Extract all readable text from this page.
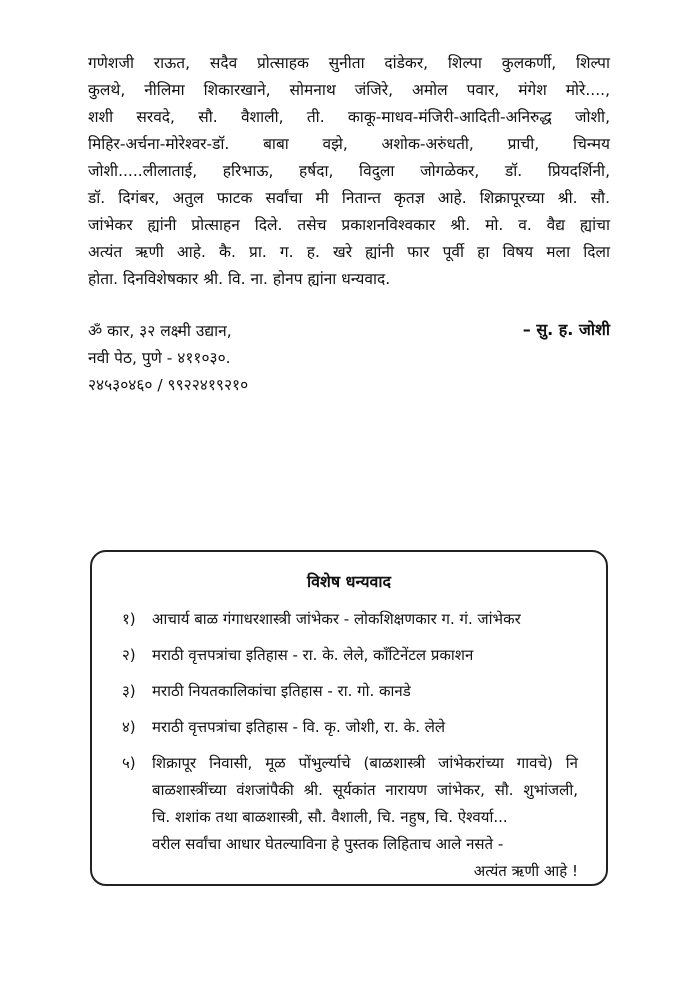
गणेशजी राऊत, सदैव प्रोत्साहक सुनीता दांडेकर, शिल्पा कुलकर्णी, शिल्पा
कुलथे, नीलिमा शिकारखाने, सोमनाथ जंजिरे, अमोल पवार, मंगेश मोरे....,
शशी सरवदे, सौ. वैशाली, ती. काकू-माधव-मंजिरी-आदिती-अनिरुद्ध जोशी,
मिहिर-अर्चना-मोरेश्वर-डॉ. बाबा वझे, अशोक-अरुंधती, प्राची, चिन्मय
जोशी.....लीलाताई, हरिभाऊ, हर्षदा, विदुला जोगळेकर, डॉ. प्रियदर्शिनी,
डॉ. दिगंबर, अतुल फाटक सर्वांचा मी नितान्त कृतज्ञ आहे. शिक्रापूरच्या श्री. सौ.
जांभेकर ह्यांनी प्रोत्साहन दिले. तसेच प्रकाशनविश्वकार श्री. मो. व. वैद्य ह्यांचा
अत्यंत ऋणी आहे. कै. प्रा. ग. ह. खरे ह्यांनी फार पूर्वी हा विषय मला दिला
होता. दिनविशेषकार श्री. वि. ना. होनप ह्यांना धन्यवाद.
ॐ कार, ३२ लक्ष्मी उद्यान,
नवी पेठ, पुणे - ४११०३०.
२४५३०४६० / ९९२२४१९२१०
– सु. ह. जोशी
विशेष धन्यवाद
१) आचार्य बाळ गंगाधरशास्त्री जांभेकर - लोकशिक्षणकार ग. गं. जांभेकर
२) मराठी वृत्तपत्रांचा इतिहास - रा. के. लेले, कॉंटिनेंटल प्रकाशन
३) मराठी नियतकालिकांचा इतिहास - रा. गो. कानडे
४) मराठी वृत्तपत्रांचा इतिहास - वि. कृ. जोशी, रा. के. लेले
५) शिक्रापूर निवासी, मूळ पोंभुर्ल्याचे (बाळशास्त्री जांभेकरांच्या गावचे) नि
बाळशास्त्रींच्या वंशजांपैकी श्री. सूर्यकांत नारायण जांभेकर, सौ. शुभांजली,
चि. शशांक तथा बाळशास्त्री, सौ. वैशाली, चि. नहुष, चि. ऐश्वर्या...
वरील सर्वांचा आधार घेतल्याविना हे पुस्तक लिहिताच आले नसते -
अत्यंत ऋणी आहे !
